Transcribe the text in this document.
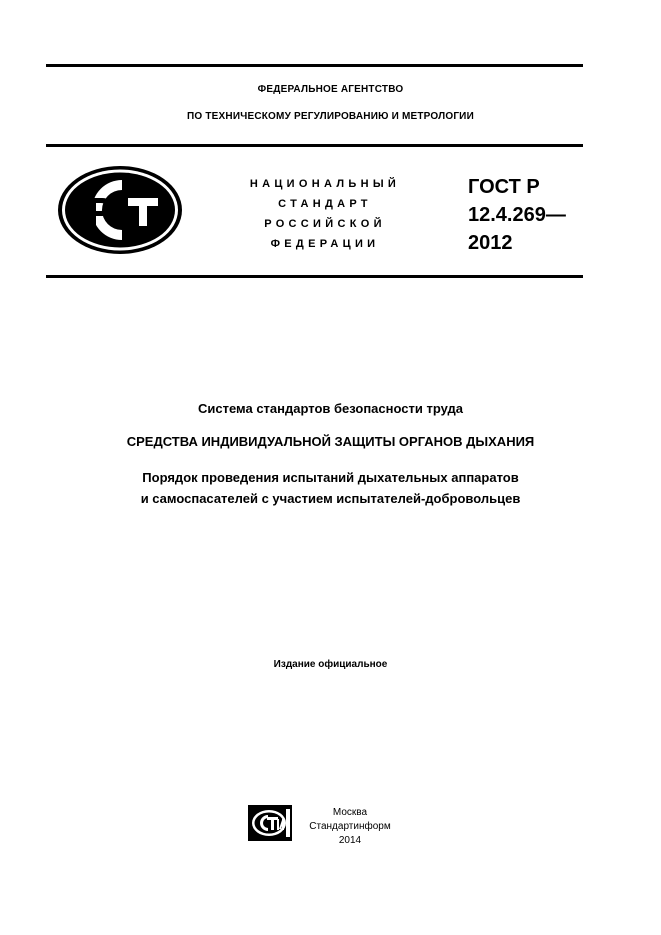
ФЕДЕРАЛЬНОЕ АГЕНТСТВО
ПО ТЕХНИЧЕСКОМУ РЕГУЛИРОВАНИЮ И МЕТРОЛОГИИ
НАЦИОНАЛЬНЫЙ
СТАНДАРТ
РОССИЙСКОЙ
ФЕДЕРАЦИИ
ГОСТ Р
12.4.269—
2012
Система стандартов безопасности труда
СРЕДСТВА ИНДИВИДУАЛЬНОЙ ЗАЩИТЫ ОРГАНОВ ДЫХАНИЯ
Порядок проведения испытаний дыхательных аппаратов
и самоспасателей с участием испытателей-добровольцев
Издание официальное
Москва
Стандартинформ
2014
